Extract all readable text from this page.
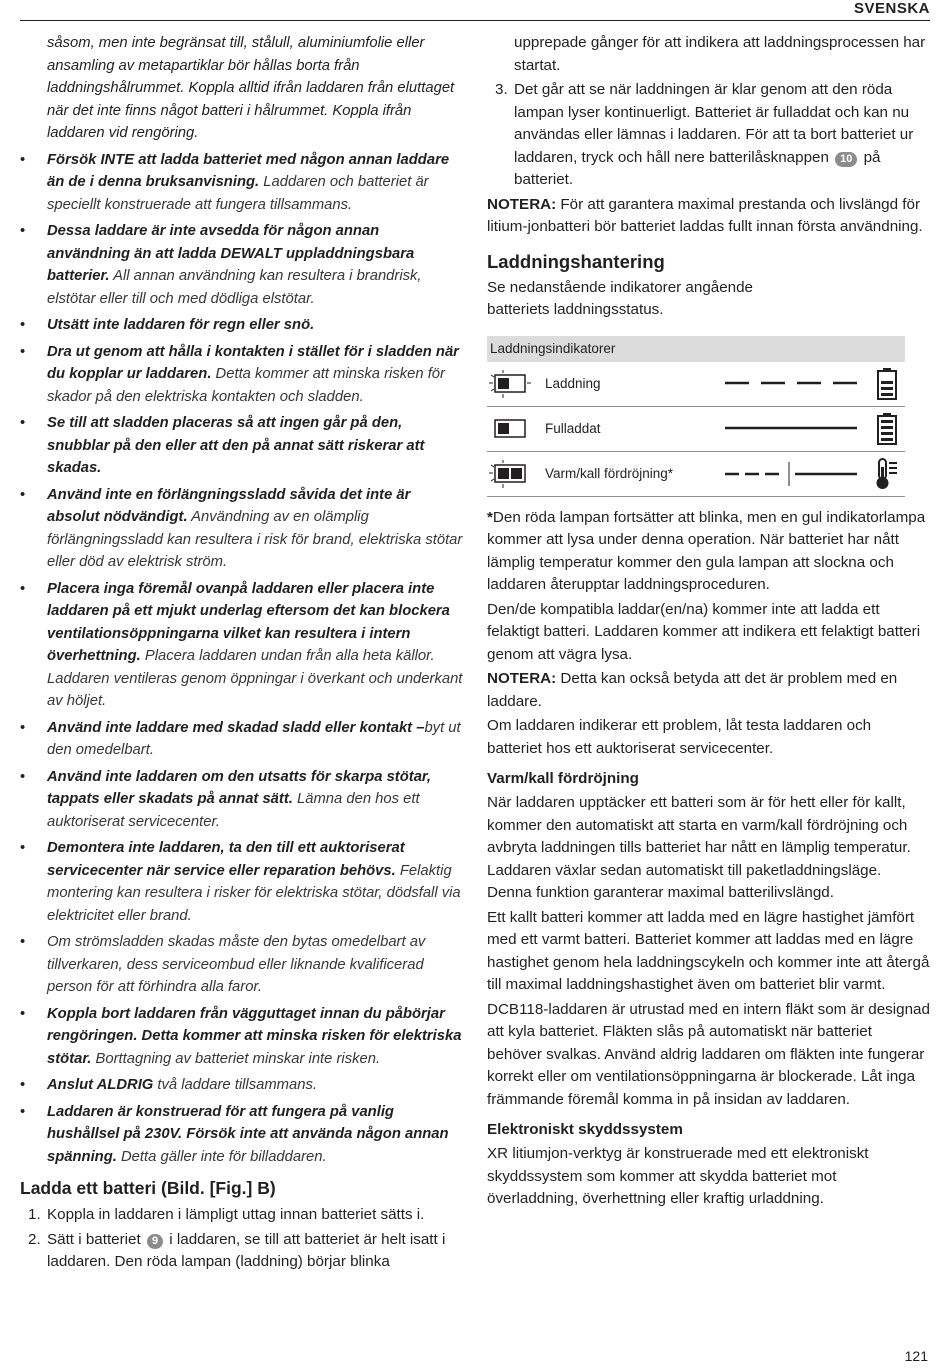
SVENSKA
såsom, men inte begränsat till, stålull, aluminiumfolie eller ansamling av metapartiklar bör hållas borta från laddningshålrummet. Koppla alltid ifrån laddaren från eluttaget när det inte finns något batteri i hålrummet. Koppla ifrån laddaren vid rengöring.
• Försök INTE att ladda batteriet med någon annan laddare än de i denna bruksanvisning. Laddaren och batteriet är speciellt konstruerade att fungera tillsammans.
• Dessa laddare är inte avsedda för någon annan användning än att ladda DEWALT uppladdningsbara batterier. All annan användning kan resultera i brandrisk, elstötar eller till och med dödliga elstötar.
• Utsätt inte laddaren för regn eller snö.
• Dra ut genom att hålla i kontakten i stället för i sladden när du kopplar ur laddaren. Detta kommer att minska risken för skador på den elektriska kontakten och sladden.
• Se till att sladden placeras så att ingen går på den, snubblar på den eller att den på annat sätt riskerar att skadas.
• Använd inte en förlängningssladd såvida det inte är absolut nödvändigt. Användning av en olämplig förlängningssladd kan resultera i risk för brand, elektriska stötar eller död av elektrisk ström.
• Placera inga föremål ovanpå laddaren eller placera inte laddaren på ett mjukt underlag eftersom det kan blockera ventilationsöppningarna vilket kan resultera i intern överhettning. Placera laddaren undan från alla heta källor. Laddaren ventileras genom öppningar i överkant och underkant av höljet.
• Använd inte laddare med skadad sladd eller kontakt –byt ut den omedelbart.
• Använd inte laddaren om den utsatts för skarpa stötar, tappats eller skadats på annat sätt. Lämna den hos ett auktoriserat servicecenter.
• Demontera inte laddaren, ta den till ett auktoriserat servicecenter när service eller reparation behövs. Felaktig montering kan resultera i risker för elektriska stötar, dödsfall via elektricitet eller brand.
• Om strömsladden skadas måste den bytas omedelbart av tillverkaren, dess serviceombud eller liknande kvalificerad person för att förhindra alla faror.
• Koppla bort laddaren från vägguttaget innan du påbörjar rengöringen. Detta kommer att minska risken för elektriska stötar. Borttagning av batteriet minskar inte risken.
• Anslut ALDRIG två laddare tillsammans.
• Laddaren är konstruerad för att fungera på vanlig hushållsel på 230V. Försök inte att använda någon annan spänning. Detta gäller inte för billaddaren.
Ladda ett batteri (Bild. [Fig.] B)
1. Koppla in laddaren i lämpligt uttag innan batteriet sätts i.
2. Sätt i batteriet 9 i laddaren, se till att batteriet är helt isatt i laddaren. Den röda lampan (laddning) börjar blinka
upprepade gånger för att indikera att laddningsprocessen har startat.
3. Det går att se när laddningen är klar genom att den röda lampan lyser kontinuerligt. Batteriet är fulladdat och kan nu användas eller lämnas i laddaren. För att ta bort batteriet ur laddaren, tryck och håll nere batterilåsknappen 10 på batteriet.
NOTERA: För att garantera maximal prestanda och livslängd för litium-jonbatteri bör batteriet laddas fullt innan första användning.
Laddningshantering
Se nedanstående indikatorer angående batteriets laddningsstatus.
Laddningsindikatorer
Laddning
Fulladdat
Varm/kall fördröjning*
*Den röda lampan fortsätter att blinka, men en gul indikatorlampa kommer att lysa under denna operation. När batteriet har nått lämplig temperatur kommer den gula lampan att slockna och laddaren återupptar laddningsproceduren.
Den/de kompatibla laddar(en/na) kommer inte att ladda ett felaktigt batteri. Laddaren kommer att indikera ett felaktigt batteri genom att vägra lysa.
NOTERA: Detta kan också betyda att det är problem med en laddare.
Om laddaren indikerar ett problem, låt testa laddaren och batteriet hos ett auktoriserat servicecenter.
Varm/kall fördröjning
När laddaren upptäcker ett batteri som är för hett eller för kallt, kommer den automatiskt att starta en varm/kall fördröjning och avbryta laddningen tills batteriet har nått en lämplig temperatur. Laddaren växlar sedan automatiskt till paketladdningsläge. Denna funktion garanterar maximal batterilivslängd.
Ett kallt batteri kommer att ladda med en lägre hastighet jämfört med ett varmt batteri. Batteriet kommer att laddas med en lägre hastighet genom hela laddningscykeln och kommer inte att återgå till maximal laddningshastighet även om batteriet blir varmt.
DCB118-laddaren är utrustad med en intern fläkt som är designad att kyla batteriet. Fläkten slås på automatiskt när batteriet behöver svalkas. Använd aldrig laddaren om fläkten inte fungerar korrekt eller om ventilationsöppningarna är blockerade. Låt inga främmande föremål komma in på insidan av laddaren.
Elektroniskt skyddssystem
XR litiumjon-verktyg är konstruerade med ett elektroniskt skyddssystem som kommer att skydda batteriet mot överladdning, överhettning eller kraftig urladdning.
121
